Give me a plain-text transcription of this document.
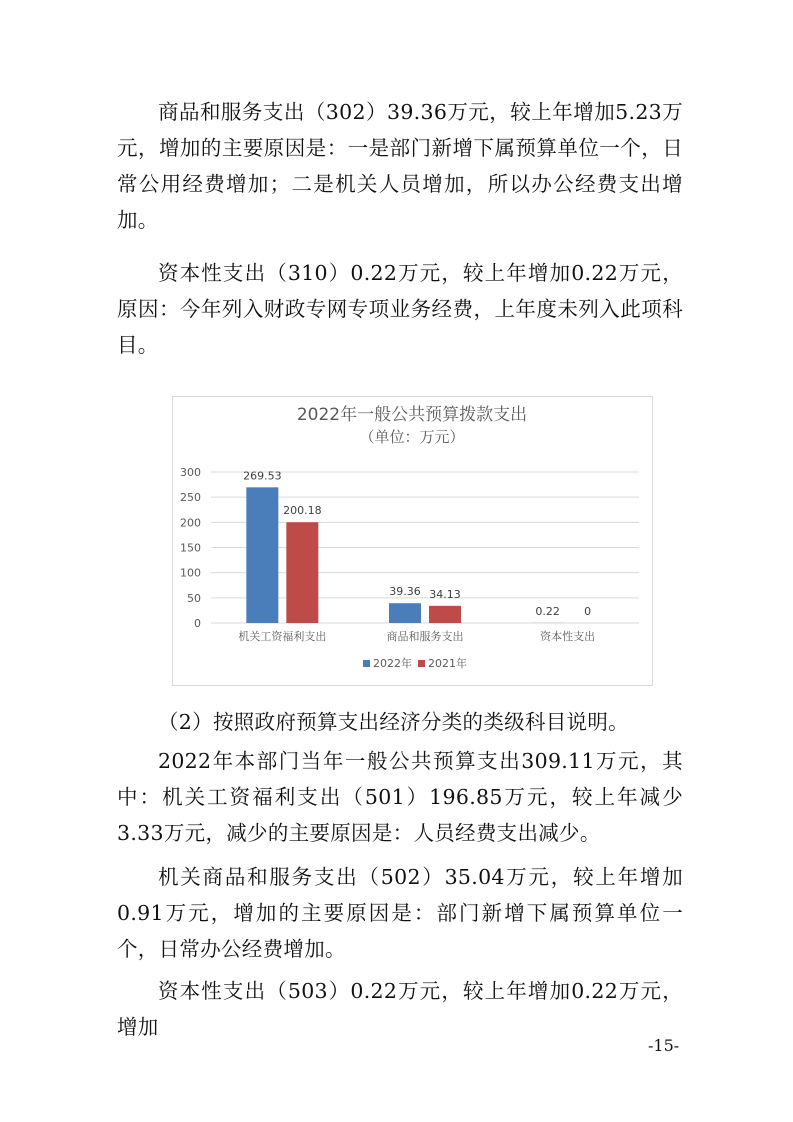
商品和服务支出（302）39.36万元，较上年增加5.23万元，增加的主要原因是：一是部门新增下属预算单位一个，日常公用经费增加；二是机关人员增加，所以办公经费支出增加。

资本性支出（310）0.22万元，较上年增加0.22万元，原因：今年列入财政专网专项业务经费，上年度未列入此项科目。

2022年一般公共预算拨款支出
（单位：万元）
0
50
100
150
200
250
300	269.53
200.18
机关工资福利支出
39.36 34.13
商品和服务支出
0.22 0
资本性支出
2022年 2021年

（2）按照政府预算支出经济分类的类级科目说明。

2022年本部门当年一般公共预算支出309.11万元，其中：机关工资福利支出（501）196.85万元，较上年减少3.33万元，减少的主要原因是：人员经费支出减少。

机关商品和服务支出（502）35.04万元，较上年增加0.91万元，增加的主要原因是：部门新增下属预算单位一个，日常办公经费增加。

资本性支出（503）0.22万元，较上年增加0.22万元，增加

-15-
